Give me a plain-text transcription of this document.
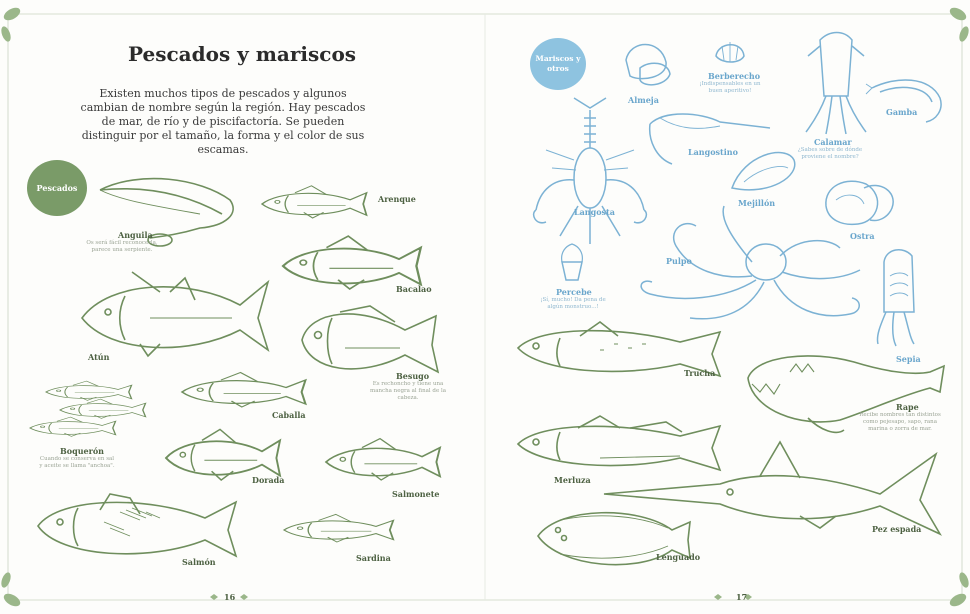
Pescados y mariscos
Existen muchos tipos de pescados y algunos cambian de nombre según la región. Hay pescados de mar, de río y de piscifactoría. Se pueden distinguir por el tamaño, la forma y el color de sus escamas.
Pescados
Anguila
Os será fácil reconocerla, parece una serpiente.
Arenque
Bacalao
Atún
Besugo
Es rechoncho y tiene una mancha negra al final de la cabeza.
Caballa
Boquerón
Cuando se conserva en sal y aceite se llama "anchoa".
Dorada
Salmonete
Salmón	Sardina
16
Mariscos y otros
Almeja
Berberecho
¡Indispensables en un buen aperitivo!
Calamar
¿Sabes sobre de dónde proviene el nombre?
Gamba
Langosta
Langostino
Mejillón
Ostra
Pulpo
Percebe
¡Sí, mucho! Da pena de algún monstruo...!
Sepia
Trucha
Rape
Recibe nombres tan distintos como pejesapo, sapo, rana marina o zorra de mar.
Merluza
Pez espada
Lenguado
17
